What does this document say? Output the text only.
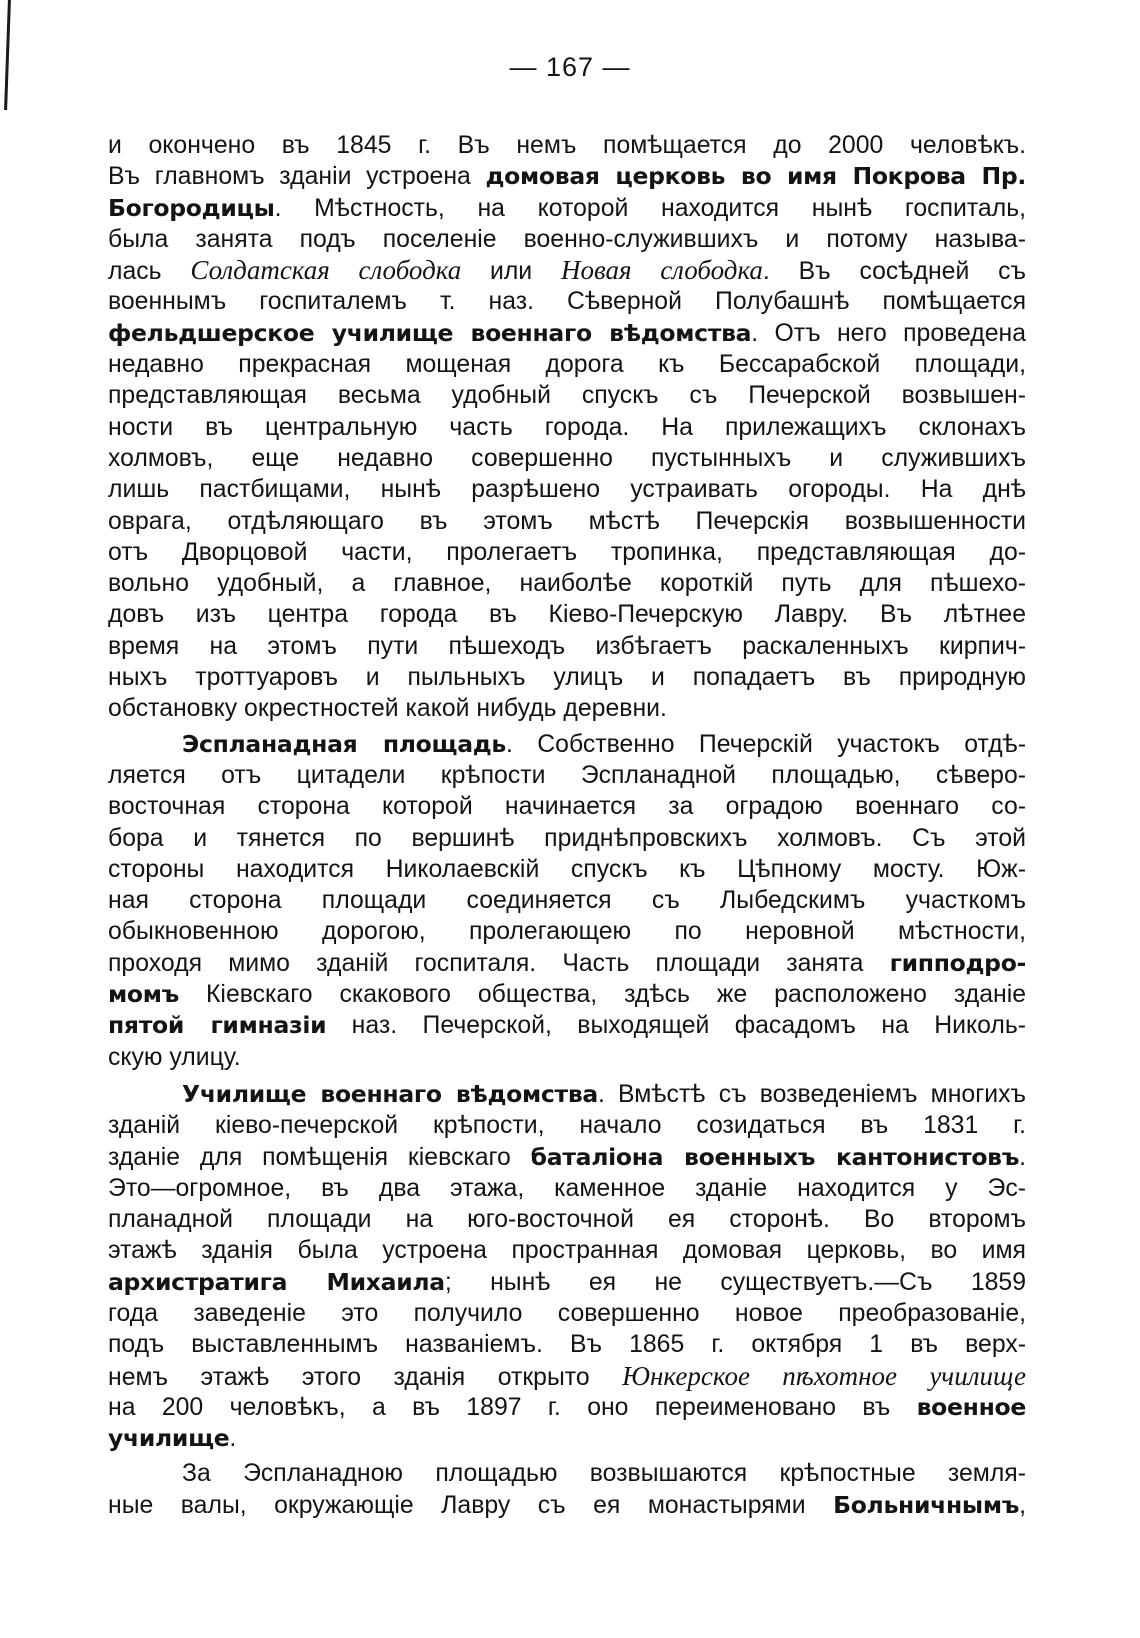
— 167 —
и окончено въ 1845 г. Въ немъ помѣщается до 2000 человѣкъ.
Въ главномъ зданіи устроена домовая церковь во имя Покрова Пр.
Богородицы. Мѣстность, на которой находится нынѣ госпиталь,
была занята подъ поселеніе военно-служившихъ и потому называ-
лась Солдатская слободка или Новая слободка. Въ сосѣдней съ
военнымъ госпиталемъ т. наз. Сѣверной Полубашнѣ помѣщается
фельдшерское училище военнаго вѣдомства. Отъ него проведена
недавно прекрасная мощеная дорога къ Бессарабской площади,
представляющая весьма удобный спускъ съ Печерской возвышен-
ности въ центральную часть города. На прилежащихъ склонахъ
холмовъ, еще недавно совершенно пустынныхъ и служившихъ
лишь пастбищами, нынѣ разрѣшено устраивать огороды. На днѣ
оврага, отдѣляющаго въ этомъ мѣстѣ Печерскія возвышенности
отъ Дворцовой части, пролегаетъ тропинка, представляющая до-
вольно удобный, а главное, наиболѣе короткій путь для пѣшехо-
довъ изъ центра города въ Кіево-Печерскую Лавру. Въ лѣтнее
время на этомъ пути пѣшеходъ избѣгаетъ раскаленныхъ кирпич-
ныхъ троттуаровъ и пыльныхъ улицъ и попадаетъ въ природную
обстановку окрестностей какой нибудь деревни.
Эспланадная площадь. Собственно Печерскій участокъ отдѣ-
ляется отъ цитадели крѣпости Эспланадной площадью, сѣверо-
восточная сторона которой начинается за оградою военнаго со-
бора и тянется по вершинѣ приднѣпровскихъ холмовъ. Съ этой
стороны находится Николаевскій спускъ къ Цѣпному мосту. Юж-
ная сторона площади соединяется съ Лыбедскимъ участкомъ
обыкновенною дорогою, пролегающею по неровной мѣстности,
проходя мимо зданій госпиталя. Часть площади занята гипподро-
момъ Кіевскаго скакового общества, здѣсь же расположено зданіе
пятой гимназіи наз. Печерской, выходящей фасадомъ на Николь-
скую улицу.
Училище военнаго вѣдомства. Вмѣстѣ съ возведеніемъ многихъ
зданій кіево-печерской крѣпости, начало созидаться въ 1831 г.
зданіе для помѣщенія кіевскаго баталіона военныхъ кантонистовъ.
Это—огромное, въ два этажа, каменное зданіе находится у Эс-
планадной площади на юго-восточной ея сторонѣ. Во второмъ
этажѣ зданія была устроена пространная домовая церковь, во имя
архистратига Михаила; нынѣ ея не существуетъ.—Съ 1859
года заведеніе это получило совершенно новое преобразованіе,
подъ выставленнымъ названіемъ. Въ 1865 г. октября 1 въ верх-
немъ этажѣ этого зданія открыто Юнкерское пѣхотное училище
на 200 человѣкъ, а въ 1897 г. оно переименовано въ военное
училище.
За Эспланадною площадью возвышаются крѣпостные земля-
ные валы, окружающіе Лавру съ ея монастырями Больничнымъ,
